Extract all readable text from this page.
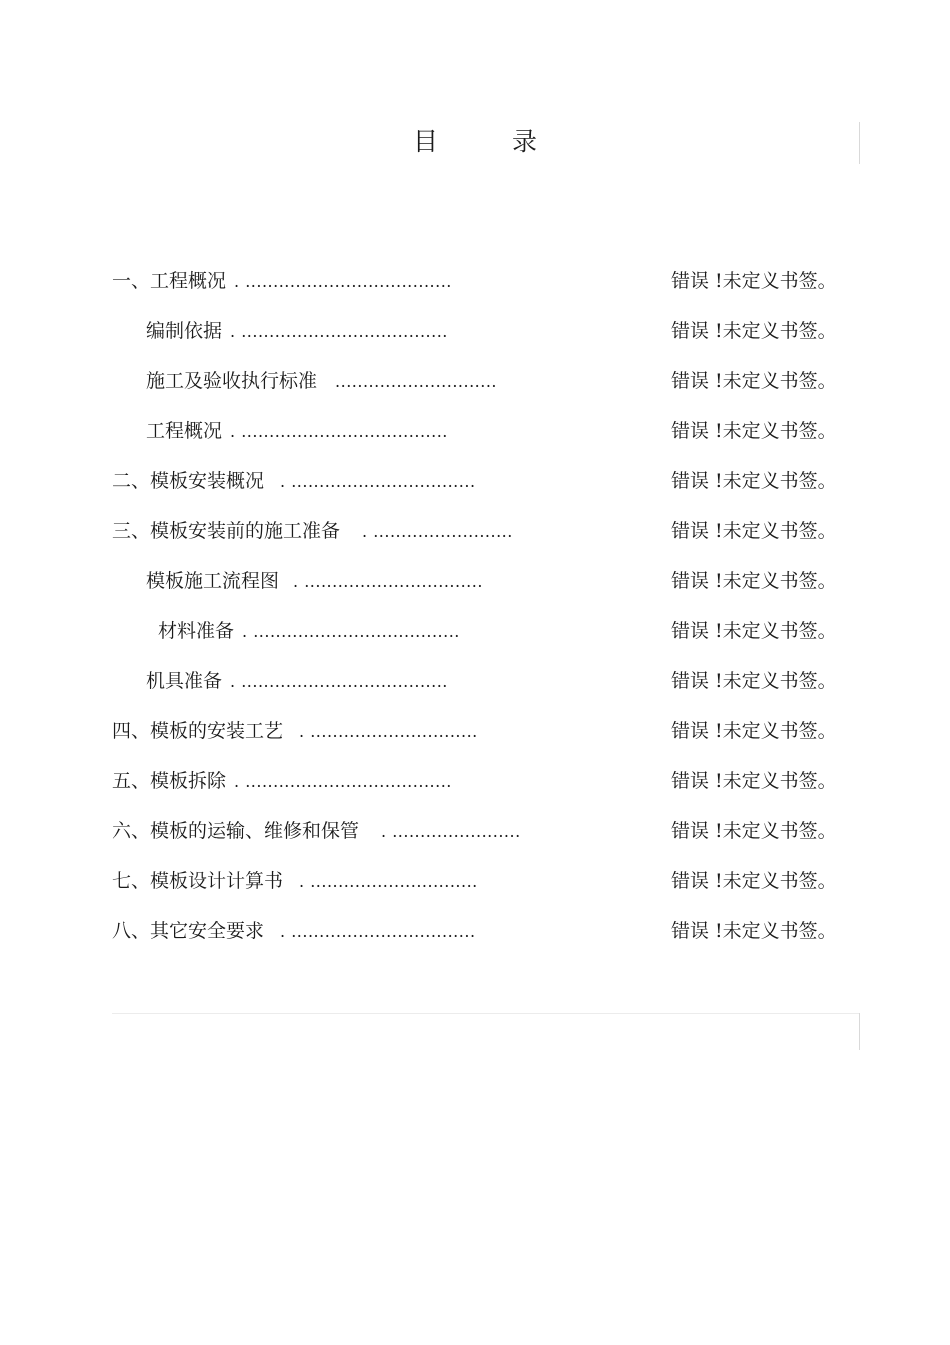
目	录
一、工程概况 . .....................................	错误 !未定义书签。
编制依据 . .....................................	错误 !未定义书签。
施工及验收执行标准 .............................	错误 !未定义书签。
工程概况 . .....................................	错误 !未定义书签。
二、模板安装概况 . .................................	错误 !未定义书签。
三、模板安装前的施工准备 . .........................	错误 !未定义书签。
模板施工流程图 . ................................	错误 !未定义书签。
材料准备 . .....................................	错误 !未定义书签。
机具准备 . .....................................	错误 !未定义书签。
四、模板的安装工艺 . ..............................	错误 !未定义书签。
五、模板拆除 . .....................................	错误 !未定义书签。
六、模板的运输、维修和保管 . .......................	错误 !未定义书签。
七、模板设计计算书 . ..............................	错误 !未定义书签。
八、其它安全要求 . .................................	错误 !未定义书签。
